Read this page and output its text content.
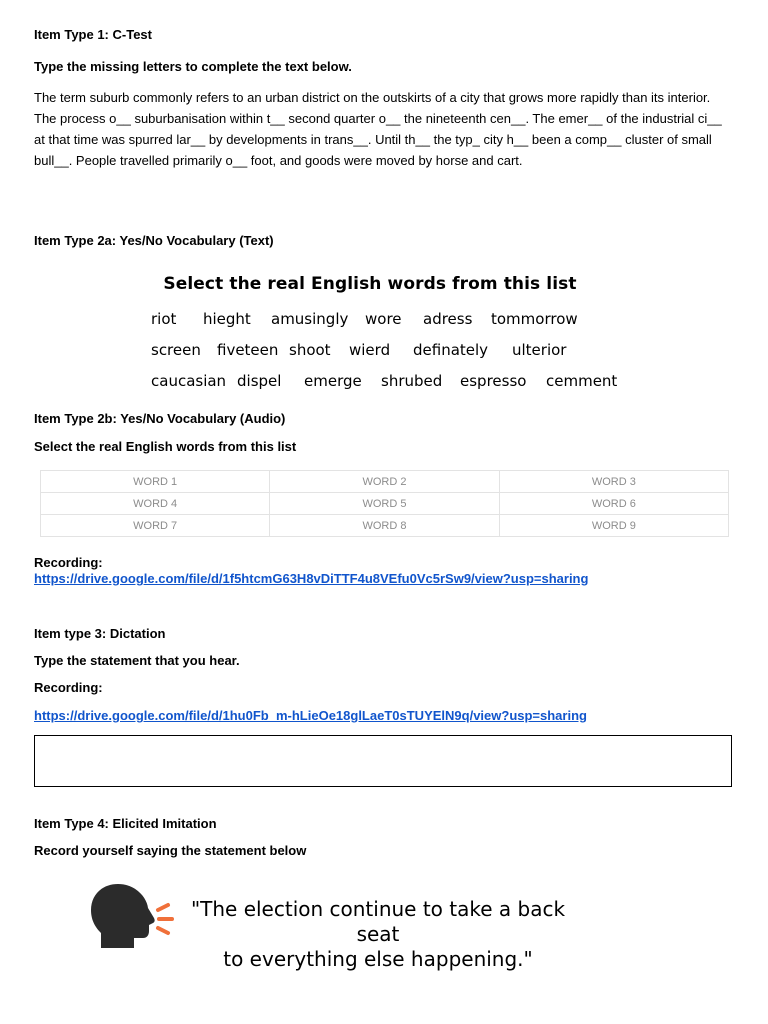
Item Type 1: C-Test
Type the missing letters to complete the text below.
The term suburb commonly refers to an urban district on the outskirts of a city that grows more rapidly than its interior. The process o__ suburbanisation within t__ second quarter o__ the nineteenth cen__. The emer__ of the industrial ci__ at that time was spurred lar__ by developments in trans__. Until th__ the typ_ city h__ been a comp__ cluster of small bull__. People travelled primarily o__ foot, and goods were moved by horse and cart.
Item Type 2a: Yes/No Vocabulary (Text)
Select the real English words from this list
riot hieght amusingly wore adress tommorrow
screen fiveteen shoot wierd definately ulterior
caucasian dispel emerge shrubed espresso cemment
Item Type 2b: Yes/No Vocabulary (Audio)
Select the real English words from this list
WORD 1	WORD 2	WORD 3
WORD 4	WORD 5	WORD 6
WORD 7	WORD 8	WORD 9
Recording:
https://drive.google.com/file/d/1f5htcmG63H8vDiTTF4u8VEfu0Vc5rSw9/view?usp=sharing
Item type 3: Dictation
Type the statement that you hear.
Recording:
https://drive.google.com/file/d/1hu0Fb_m-hLieOe18glLaeT0sTUYElN9q/view?usp=sharing
Item Type 4: Elicited Imitation
Record yourself saying the statement below
"The election continue to take a back seat
to everything else happening."
